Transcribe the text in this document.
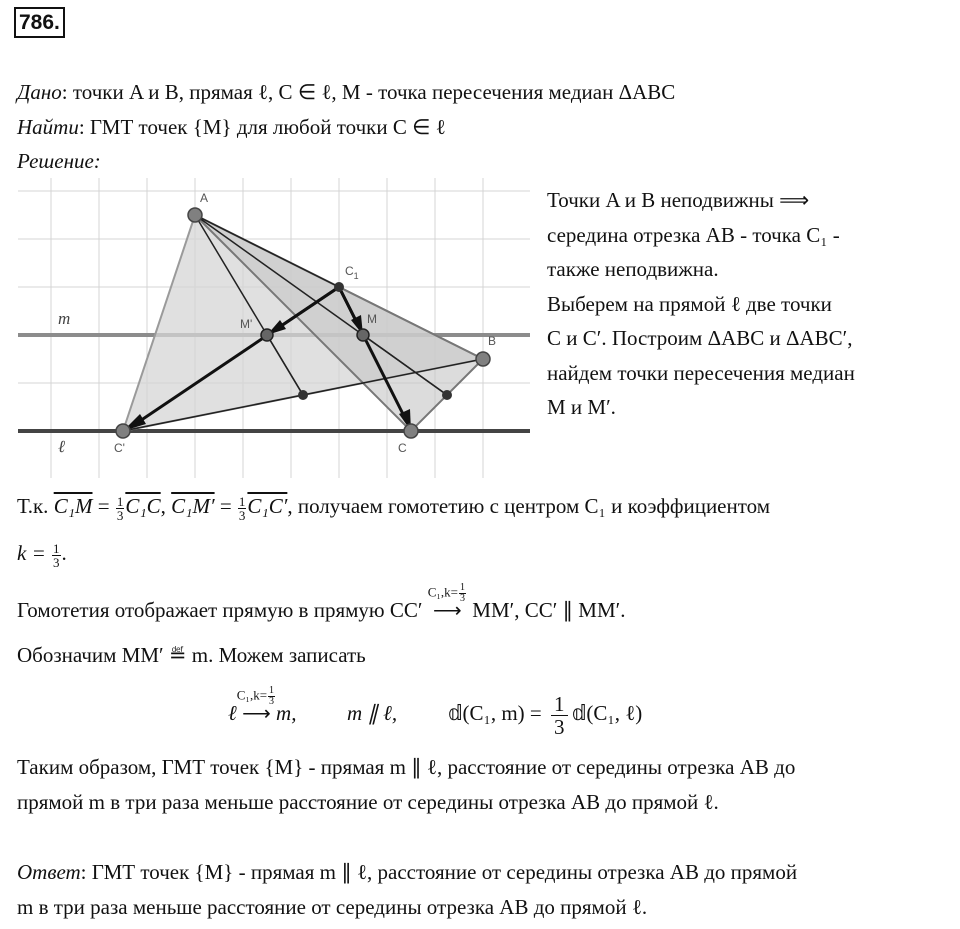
786.
Дано: точки A и B, прямая ℓ, C ∈ ℓ, M - точка пересечения медиан ΔABC
Найти: ГМТ точек {M} для любой точки C ∈ ℓ
Решение:
A
B
C
C'
$C_1$
M
M'
m
ℓ
Точки A и B неподвижны ⟹
середина отрезка AB - точка C₁ -
также неподвижна.
Выберем на прямой ℓ две точки
C и C′. Построим ΔABC и ΔABC′,
найдем точки пересечения медиан
M и M′.
Т.к. $C_1M = \frac{1}{3} C_1C$, $C_1M' = \frac{1}{3} C_1C'$, получаем гомотетию с центром C₁ и коэффициентом
$k = \frac{1}{3}$ .
Гомотетия отображает прямую в прямую CC′
$C_1,k= \frac{1}{3}$
⟶ MM′, CC′ ∥ MM′.
Обозначим MM′ ≝ m. Можем записать
ℓ
$C_1,k= \frac{1}{3}$
⟶ m, m ∥ ℓ, 𝕕(C₁, $m) = \frac{1}{3}$ 𝕕(C₁, ℓ)
Таким образом, ГМТ точек {M} - прямая m ∥ ℓ, расстояние от середины отрезка AB до
прямой m в три раза меньше расстояние от середины отрезка AB до прямой ℓ.
Ответ: ГМТ точек {M} - прямая m ∥ ℓ, расстояние от середины отрезка AB до прямой
m в три раза меньше расстояние от середины отрезка AB до прямой ℓ.
